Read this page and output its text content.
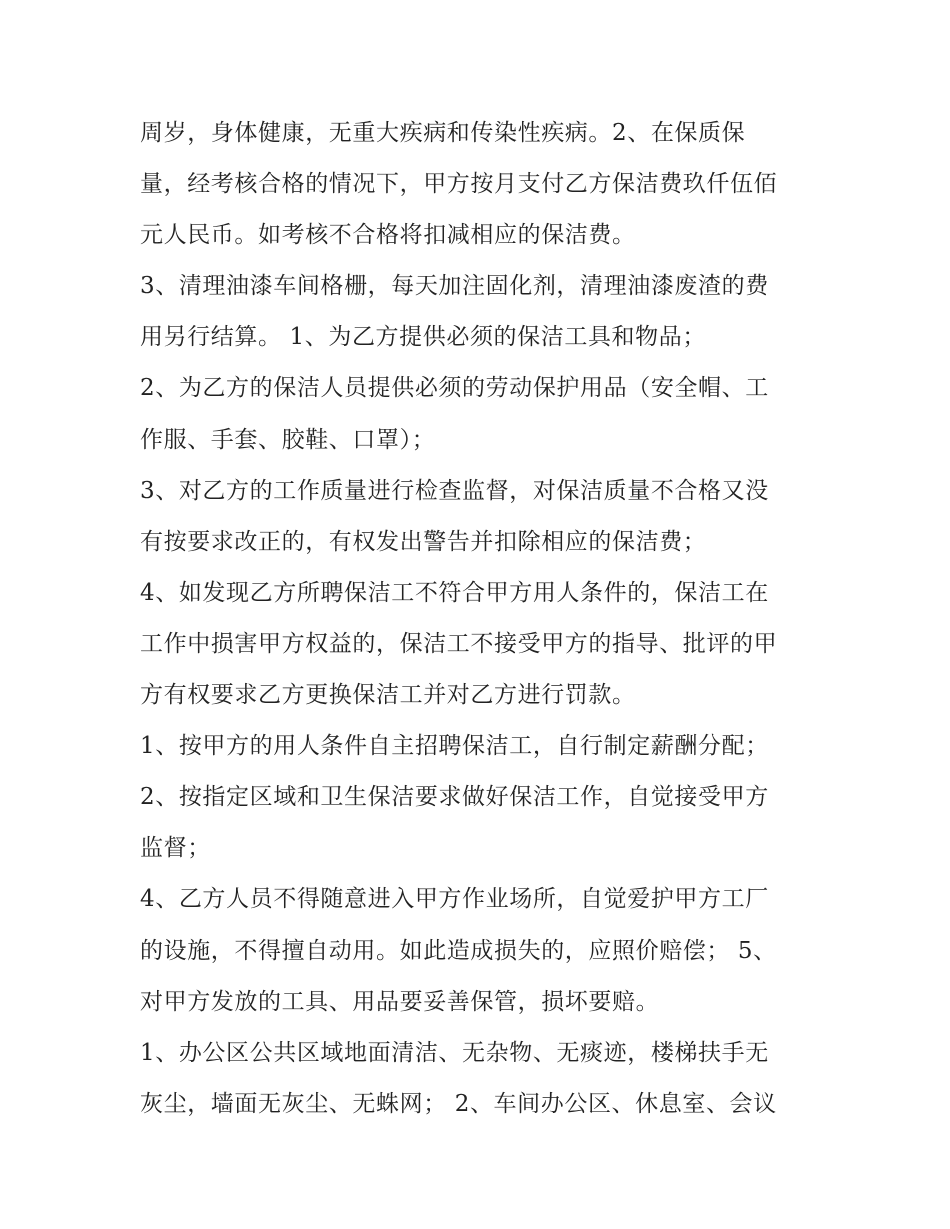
周岁，身体健康，无重大疾病和传染性疾病。2、在保质保
量，经考核合格的情况下，甲方按月支付乙方保洁费玖仟伍佰
元人民币。如考核不合格将扣减相应的保洁费。
3、清理油漆车间格栅，每天加注固化剂，清理油漆废渣的费
用另行结算。 1、为乙方提供必须的保洁工具和物品；
2、为乙方的保洁人员提供必须的劳动保护用品（安全帽、工
作服、手套、胶鞋、口罩）；
3、对乙方的工作质量进行检查监督，对保洁质量不合格又没
有按要求改正的，有权发出警告并扣除相应的保洁费；
4、如发现乙方所聘保洁工不符合甲方用人条件的，保洁工在
工作中损害甲方权益的，保洁工不接受甲方的指导、批评的甲
方有权要求乙方更换保洁工并对乙方进行罚款。
1、按甲方的用人条件自主招聘保洁工，自行制定薪酬分配；
2、按指定区域和卫生保洁要求做好保洁工作，自觉接受甲方
监督；
4、乙方人员不得随意进入甲方作业场所，自觉爱护甲方工厂
的设施，不得擅自动用。如此造成损失的，应照价赔偿； 5、
对甲方发放的工具、用品要妥善保管，损坏要赔。
1、办公区公共区域地面清洁、无杂物、无痰迹，楼梯扶手无
灰尘，墙面无灰尘、无蛛网； 2、车间办公区、休息室、会议
